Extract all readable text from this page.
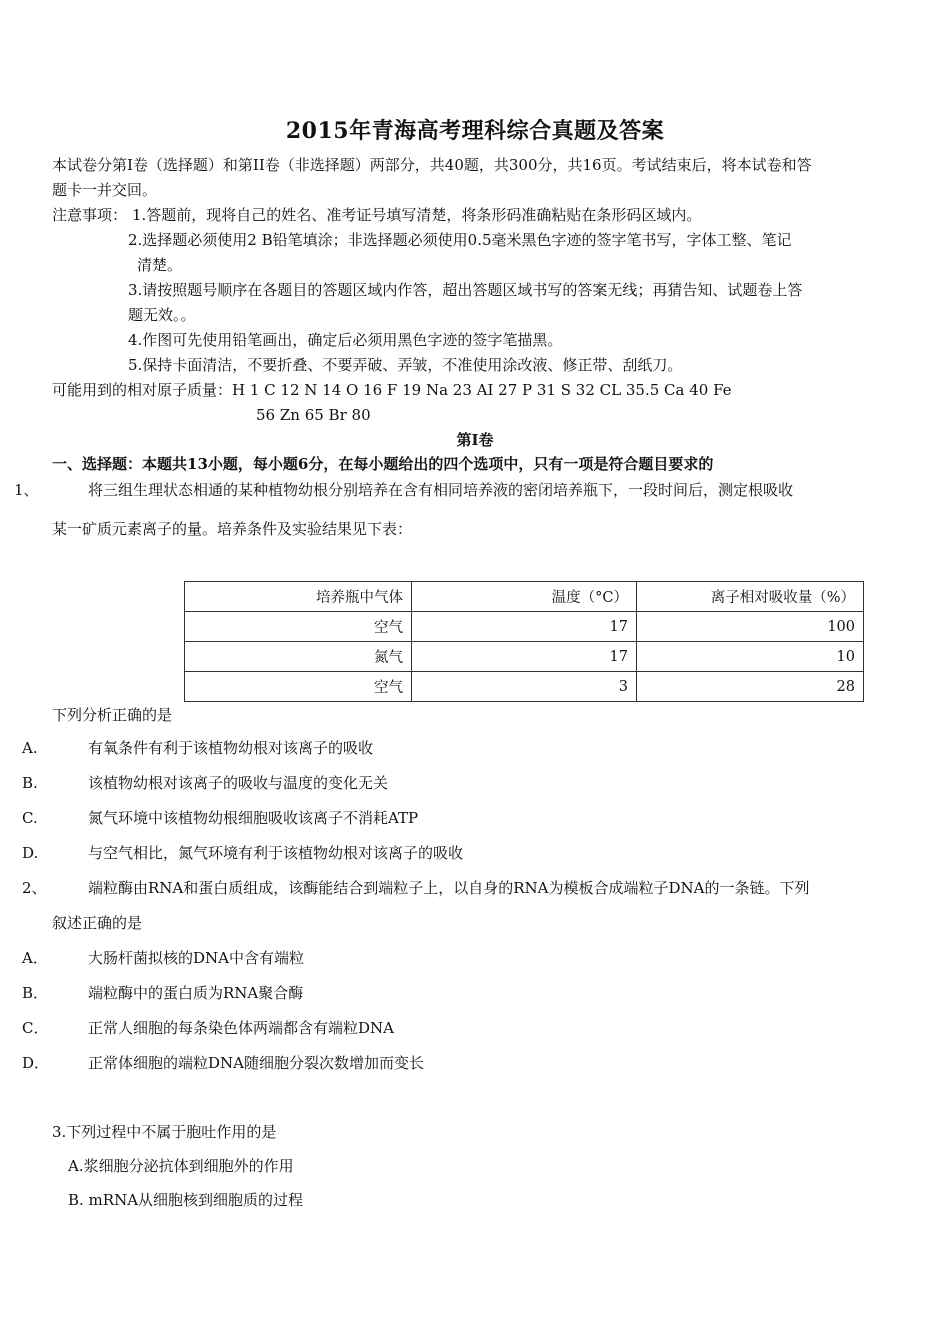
2015年青海高考理科综合真题及答案
本试卷分第Ⅰ卷（选择题）和第II卷（非选择题）两部分，共40题，共300分，共16页。考试结束后，将本试卷和答
题卡一并交回。
注意事项： 1.答题前，现将自己的姓名、准考证号填写清楚，将条形码准确粘贴在条形码区域内。
2.选择题必须使用2 B铅笔填涂；非选择题必须使用0.5毫米黑色字迹的签字笔书写，字体工整、笔记
清楚。
3.请按照题号顺序在各题目的答题区域内作答，超出答题区域书写的答案无线；再猜告知、试题卷上答
题无效。。
4.作图可先使用铅笔画出，确定后必须用黑色字迹的签字笔描黑。
5.保持卡面清洁，不要折叠、不要弄破、弄皱，不准使用涂改液、修正带、刮纸刀。
可能用到的相对原子质量：H 1 C 12 N 14 O 16 F 19 Na 23 AI 27 P 31 S 32 CL 35.5 Ca 40 Fe
56 Zn 65 Br 80
第Ⅰ卷
一、选择题：本题共13小题，每小题6分，在每小题给出的四个选项中，只有一项是符合题目要求的
1、	将三组生理状态相通的某种植物幼根分别培养在含有相同培养液的密闭培养瓶下，一段时间后，测定根吸收
某一矿质元素离子的量。培养条件及实验结果见下表：
培养瓶中气体	温度（°C）	离子相对吸收量（%）
空气	17	100
氮气	17	10
空气	3	28
下列分析正确的是
A.	有氧条件有利于该植物幼根对该离子的吸收
B.	该植物幼根对该离子的吸收与温度的变化无关
C.	氮气环境中该植物幼根细胞吸收该离子不消耗ATP
D.	与空气相比，氮气环境有利于该植物幼根对该离子的吸收
2、	端粒酶由RNA和蛋白质组成，该酶能结合到端粒子上，以自身的RNA为模板合成端粒子DNA的一条链。下列
叙述正确的是
A．	大肠杆菌拟核的DNA中含有端粒
B．	端粒酶中的蛋白质为RNA聚合酶
C．	正常人细胞的每条染色体两端都含有端粒DNA
D．	正常体细胞的端粒DNA随细胞分裂次数增加而变长
3.下列过程中不属于胞吐作用的是
A.浆细胞分泌抗体到细胞外的作用
B. mRNA从细胞核到细胞质的过程
